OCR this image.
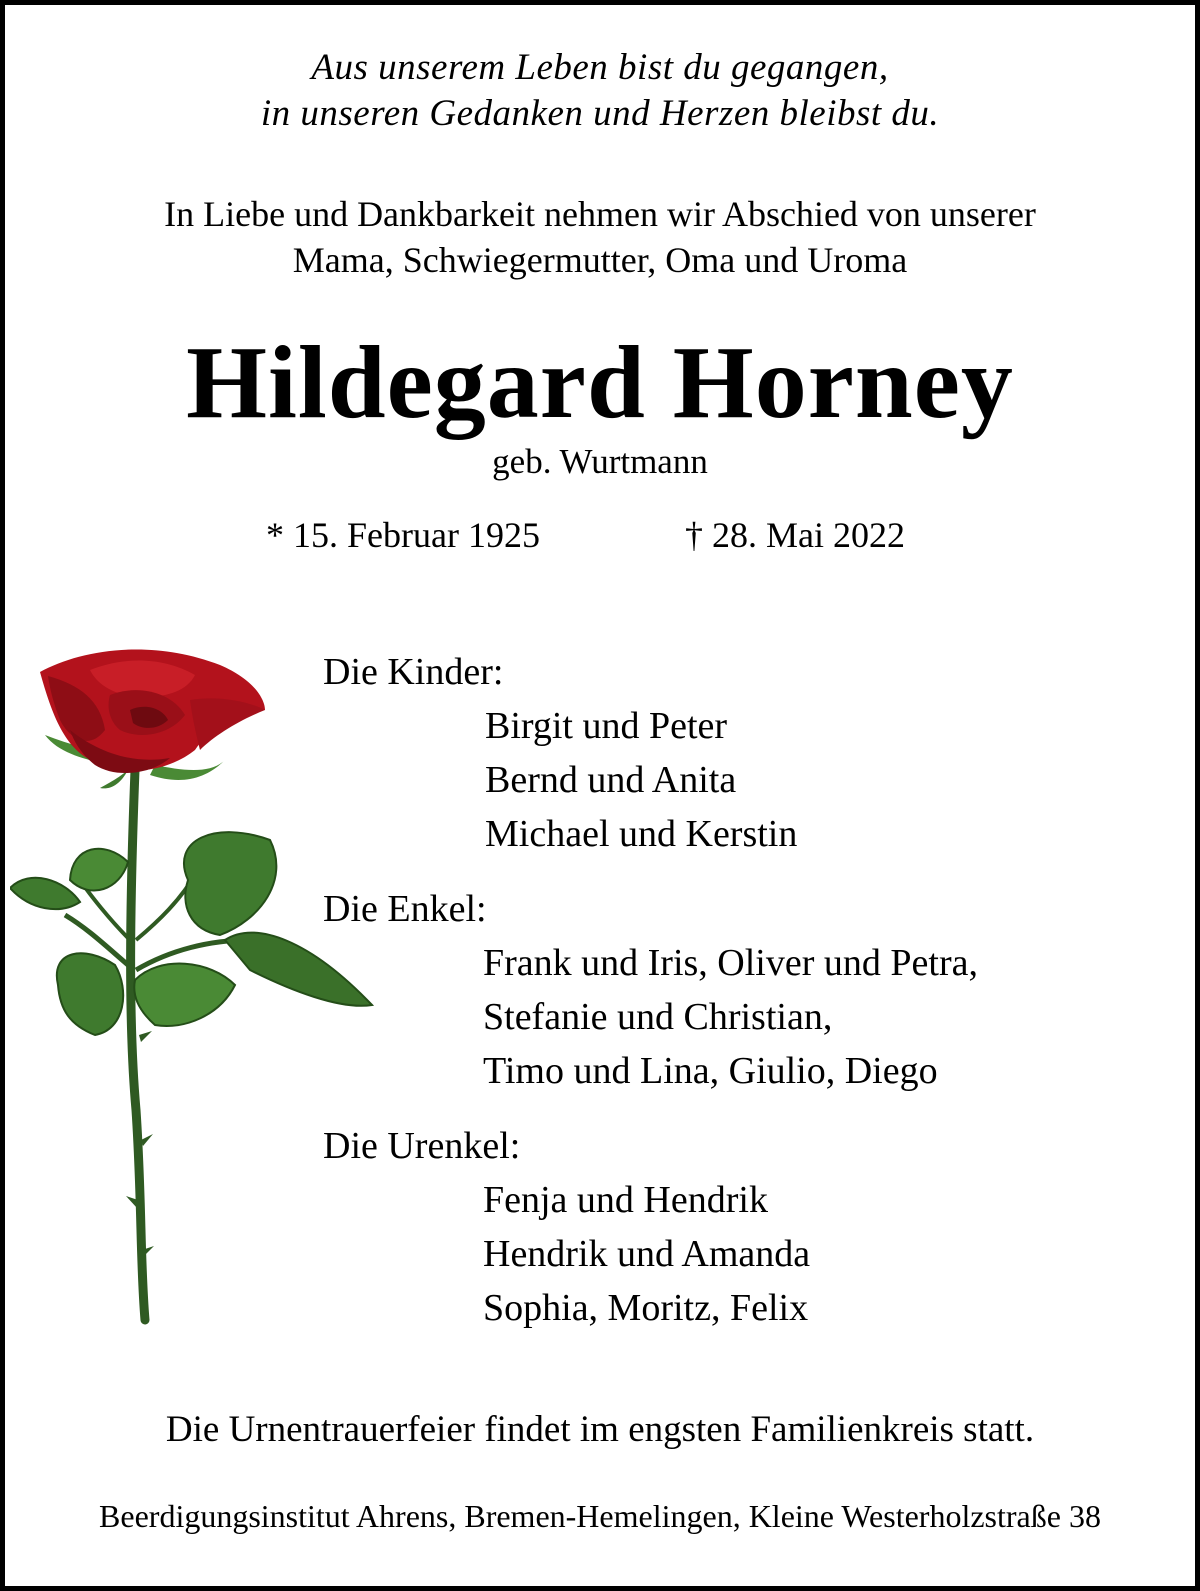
Aus unserem Leben bist du gegangen,
in unseren Gedanken und Herzen bleibst du.
In Liebe und Dankbarkeit nehmen wir Abschied von unserer
Mama, Schwiegermutter, Oma und Uroma
Hildegard Horney
geb. Wurtmann
* 15. Februar 1925	† 28. Mai 2022
Die Kinder:
Birgit und Peter
Bernd und Anita
Michael und Kerstin
Die Enkel:
Frank und Iris, Oliver und Petra,
Stefanie und Christian,
Timo und Lina, Giulio, Diego
Die Urenkel:
Fenja und Hendrik
Hendrik und Amanda
Sophia, Moritz, Felix
Die Urnentrauerfeier findet im engsten Familienkreis statt.
Beerdigungsinstitut Ahrens, Bremen-Hemelingen, Kleine Westerholzstraße 38
